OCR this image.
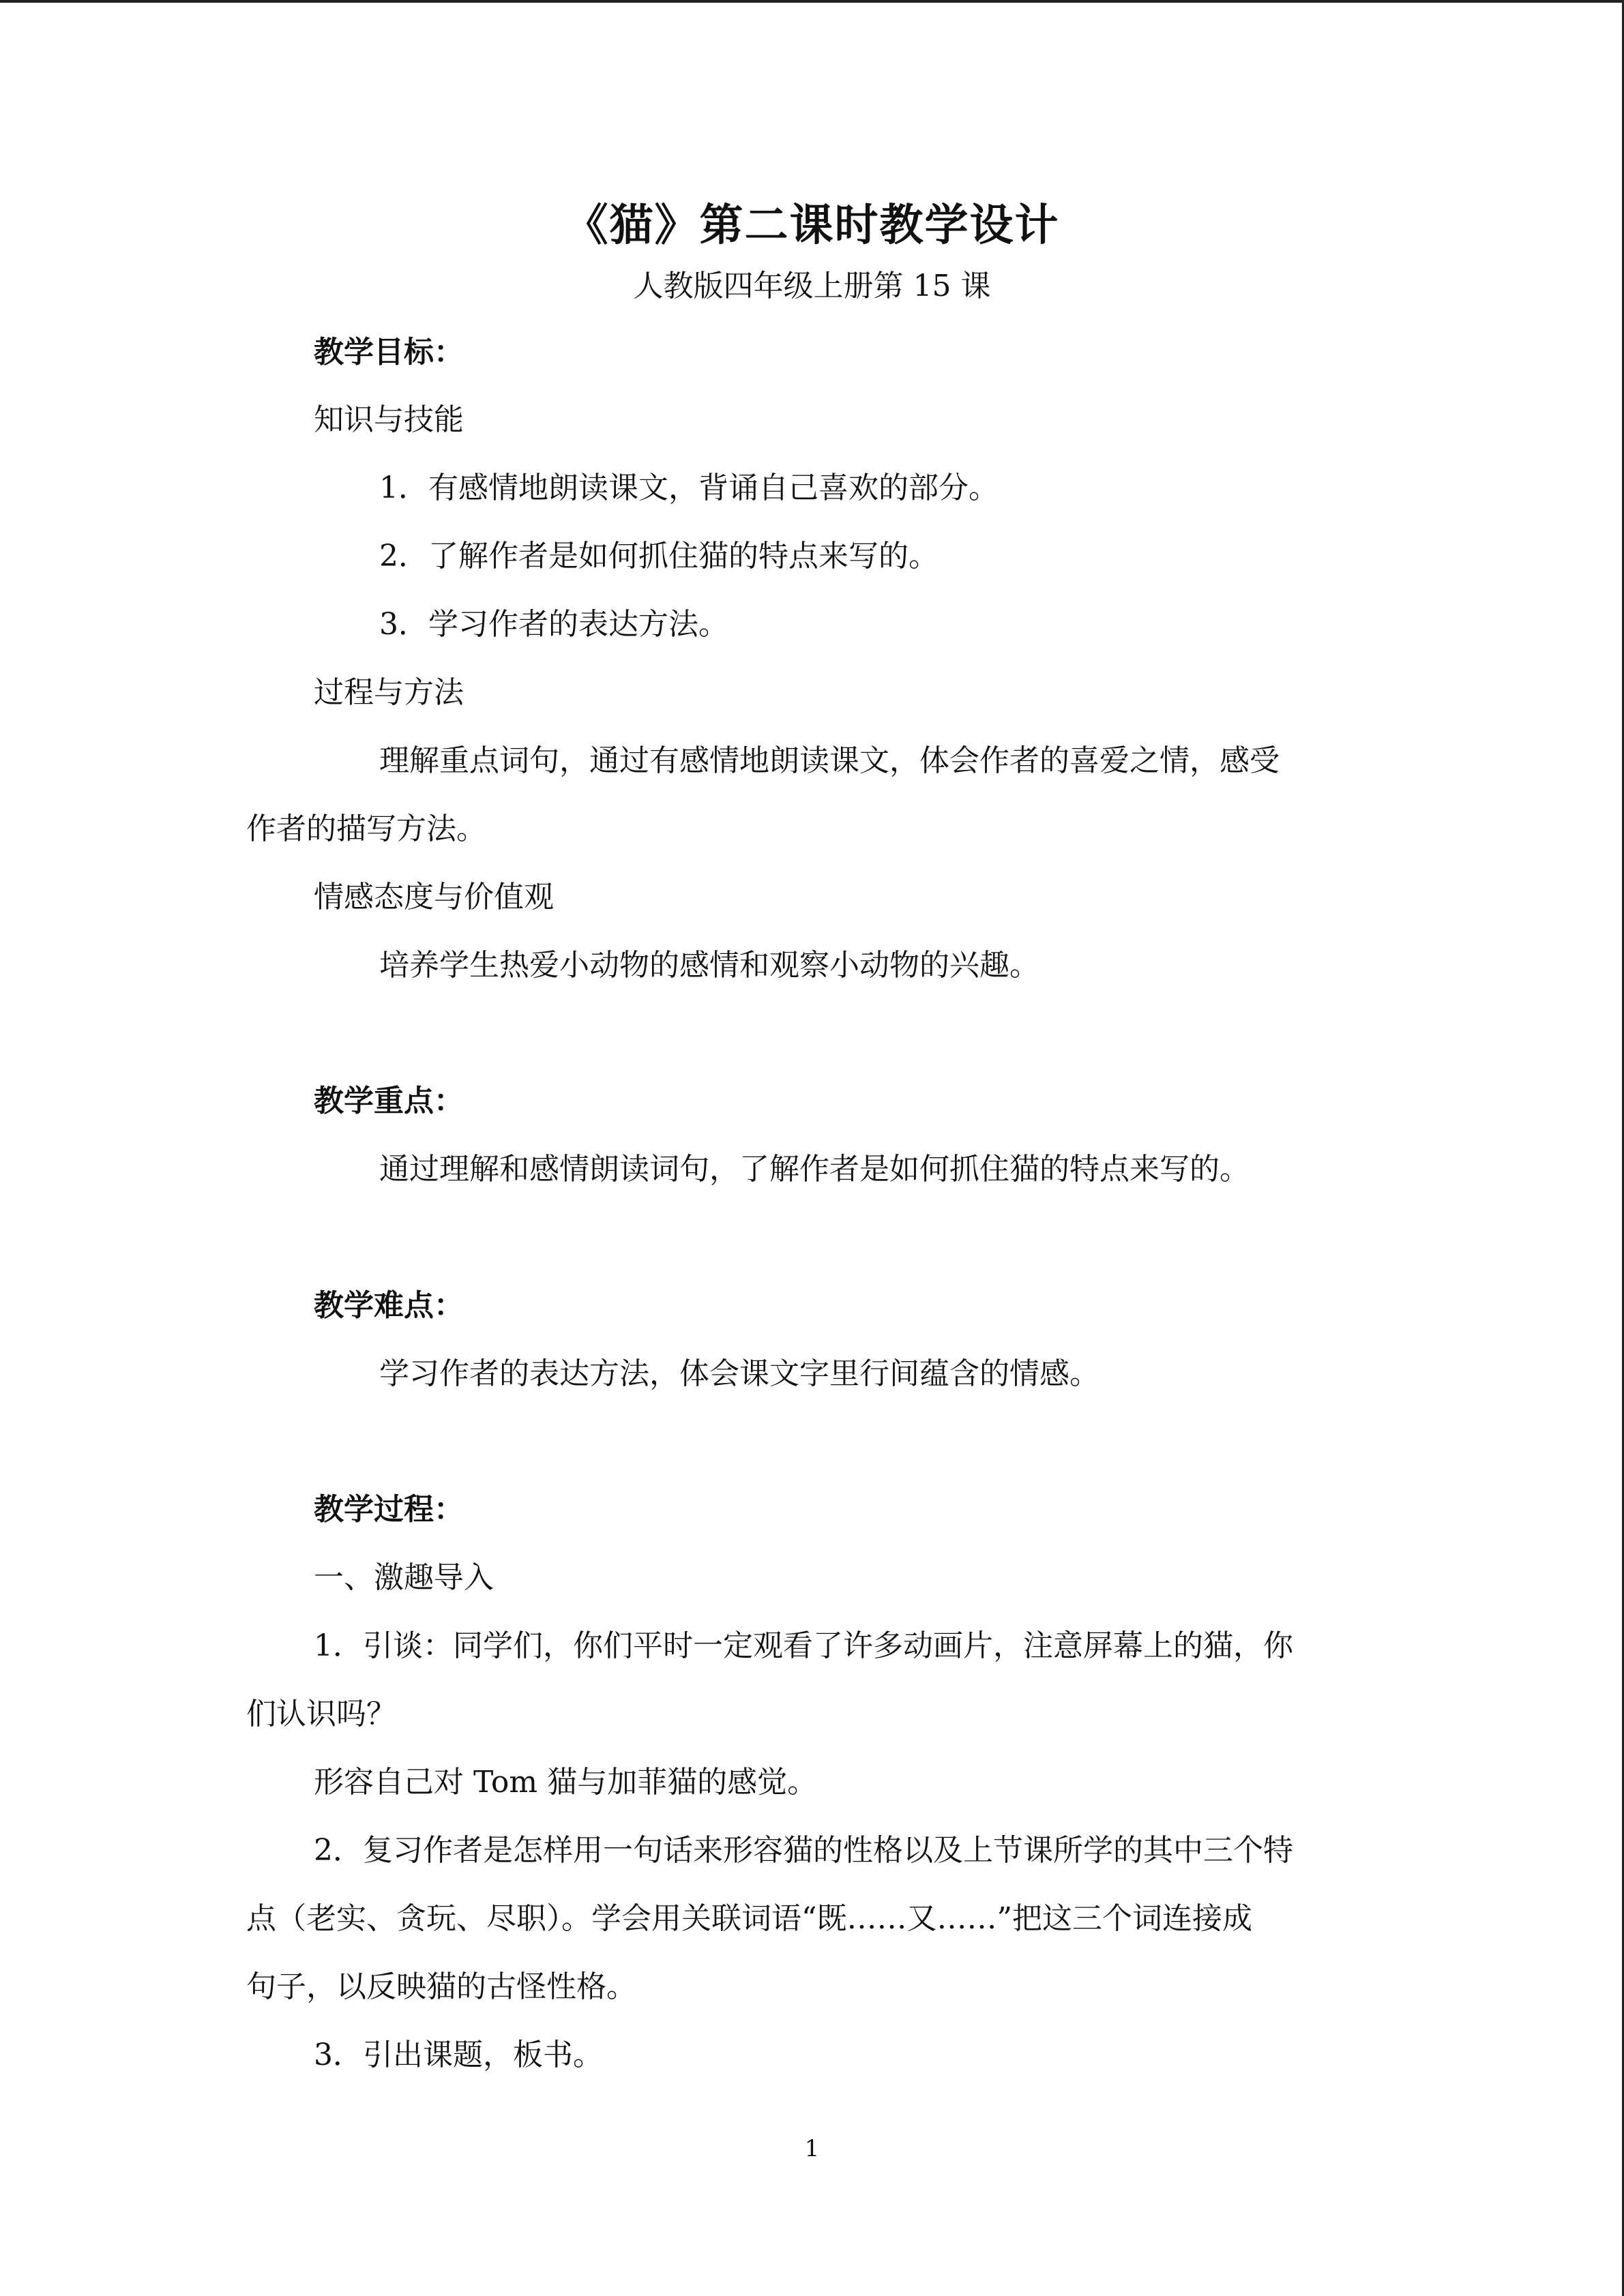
《猫》第二课时教学设计
人教版四年级上册第 15 课
教学目标：
知识与技能
1．有感情地朗读课文，背诵自己喜欢的部分。
2．了解作者是如何抓住猫的特点来写的。
3．学习作者的表达方法。
过程与方法
理解重点词句，通过有感情地朗读课文，体会作者的喜爱之情，感受
作者的描写方法。
情感态度与价值观
培养学生热爱小动物的感情和观察小动物的兴趣。
教学重点：
通过理解和感情朗读词句，了解作者是如何抓住猫的特点来写的。
教学难点：
学习作者的表达方法，体会课文字里行间蕴含的情感。
教学过程：
一、激趣导入
1．引谈：同学们，你们平时一定观看了许多动画片，注意屏幕上的猫，你
们认识吗？
形容自己对 Tom 猫与加菲猫的感觉。
2．复习作者是怎样用一句话来形容猫的性格以及上节课所学的其中三个特
点（老实、贪玩、尽职）。学会用关联词语“既……又……”把这三个词连接成
句子，以反映猫的古怪性格。
3．引出课题，板书。
1
